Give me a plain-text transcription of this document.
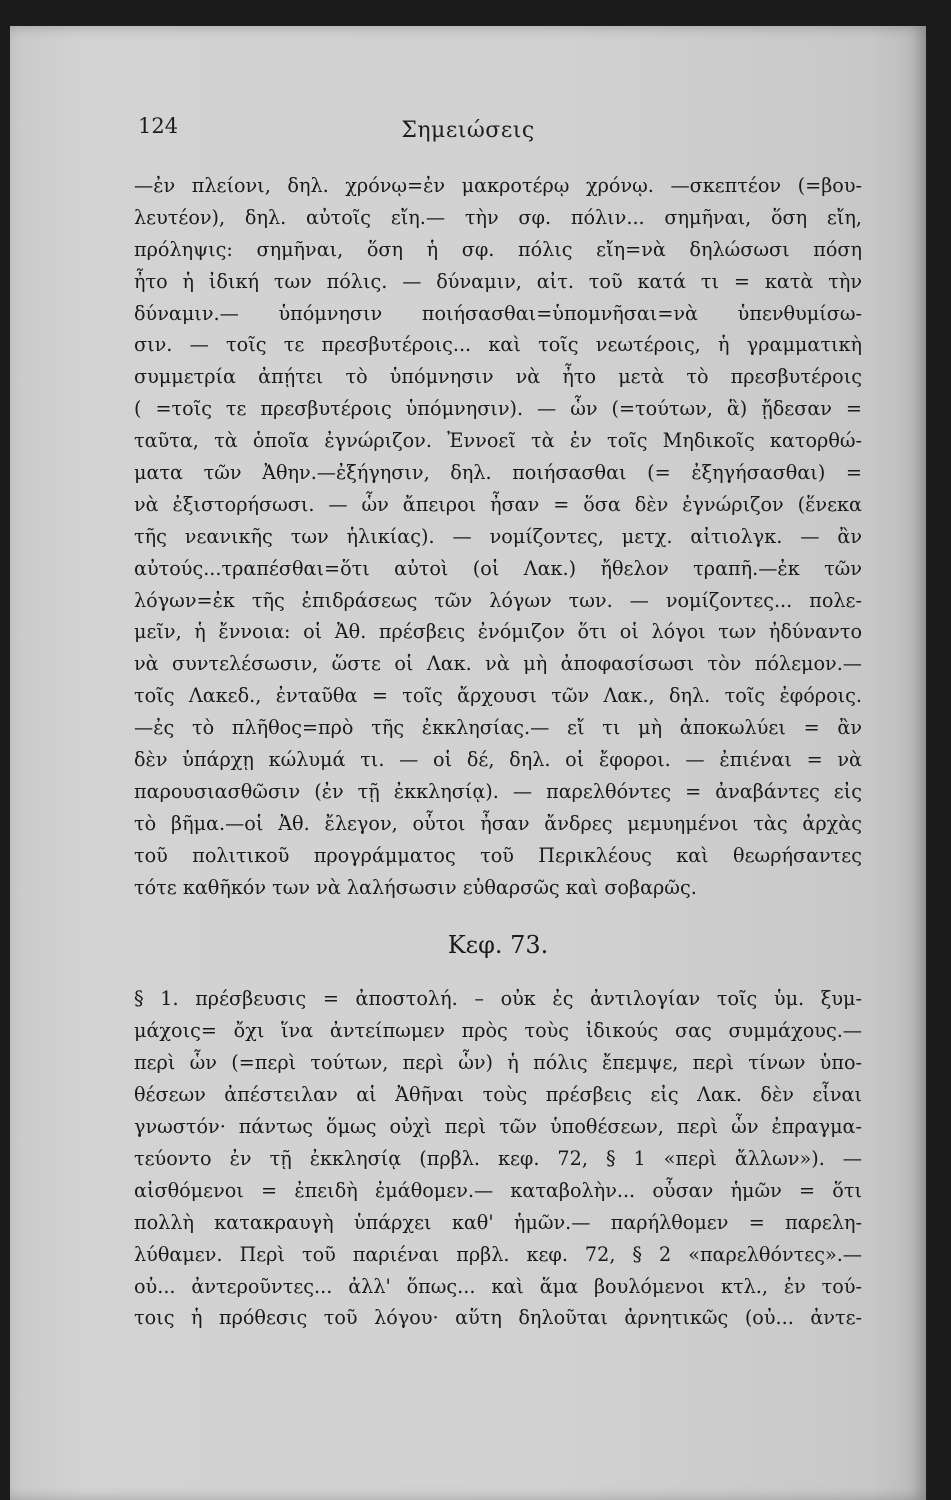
124	Σημειώσεις
—ἐν πλείονι, δηλ. χρόνῳ=ἐν μακροτέρῳ χρόνῳ. —σκεπτέον (=βου-
λευτέον), δηλ. αὐτοῖς εἴη.— τὴν σφ. πόλιν... σημῆναι, ὅση εἴη,
πρόληψις: σημῆναι, ὅση ἡ σφ. πόλις εἴη=νὰ δηλώσωσι πόση
ἦτο ἡ ἰδική των πόλις. — δύναμιν, αἰτ. τοῦ κατά τι = κατὰ τὴν
δύναμιν.— ὑπόμνησιν ποιήσασθαι=ὑπομνῆσαι=νὰ ὑπενθυμίσω-
σιν. — τοῖς τε πρεσβυτέροις... καὶ τοῖς νεωτέροις, ἡ γραμματικὴ
συμμετρία ἀπῄτει τὸ ὑπόμνησιν νὰ ἦτο μετὰ τὸ πρεσβυτέροις
( =τοῖς τε πρεσβυτέροις ὑπόμνησιν). — ὧν (=τούτων, ἃ) ᾔδεσαν =
ταῦτα, τὰ ὁποῖα ἐγνώριζον. Ἐννοεῖ τὰ ἐν τοῖς Μηδικοῖς κατορθώ-
ματα τῶν Ἀθην.—ἐξήγησιν, δηλ. ποιήσασθαι (= ἐξηγήσασθαι) =
νὰ ἐξιστορήσωσι. — ὧν ἄπειροι ἦσαν = ὅσα δὲν ἐγνώριζον (ἕνεκα
τῆς νεανικῆς των ἡλικίας). — νομίζοντες, μετχ. αἰτιολγκ. — ἂν
αὐτούς...τραπέσθαι=ὅτι αὐτοὶ (οἱ Λακ.) ἤθελον τραπῆ.—ἐκ τῶν
λόγων=ἐκ τῆς ἐπιδράσεως τῶν λόγων των. — νομίζοντες... πολε-
μεῖν, ἡ ἔννοια: οἱ Ἀθ. πρέσβεις ἐνόμιζον ὅτι οἱ λόγοι των ἠδύναντο
νὰ συντελέσωσιν, ὥστε οἱ Λακ. νὰ μὴ ἀποφασίσωσι τὸν πόλεμον.—
τοῖς Λακεδ., ἐνταῦθα = τοῖς ἄρχουσι τῶν Λακ., δηλ. τοῖς ἐφόροις.
—ἐς τὸ πλῆθος=πρὸ τῆς ἐκκλησίας.— εἴ τι μὴ ἀποκωλύει = ἂν
δὲν ὑπάρχῃ κώλυμά τι. — οἱ δέ, δηλ. οἱ ἔφοροι. — ἐπιέναι = νὰ
παρουσιασθῶσιν (ἐν τῇ ἐκκλησίᾳ). — παρελθόντες = ἀναβάντες εἰς
τὸ βῆμα.—οἱ Ἀθ. ἔλεγον, οὗτοι ἦσαν ἄνδρες μεμυημένοι τὰς ἀρχὰς
τοῦ πολιτικοῦ προγράμματος τοῦ Περικλέους καὶ θεωρήσαντες
τότε καθῆκόν των νὰ λαλήσωσιν εὐθαρσῶς καὶ σοβαρῶς.
Κεφ. 73.
§ 1. πρέσβευσις = ἀποστολή. – οὐκ ἐς ἀντιλογίαν τοῖς ὑμ. ξυμ-
μάχοις= ὄχι ἵνα ἀντείπωμεν πρὸς τοὺς ἰδικούς σας συμμάχους.—
περὶ ὧν (=περὶ τούτων, περὶ ὧν) ἡ πόλις ἔπεμψε, περὶ τίνων ὑπο-
θέσεων ἀπέστειλαν αἱ Ἀθῆναι τοὺς πρέσβεις εἰς Λακ. δὲν εἶναι
γνωστόν· πάντως ὅμως οὐχὶ περὶ τῶν ὑποθέσεων, περὶ ὧν ἐπραγμα-
τεύοντο ἐν τῇ ἐκκλησίᾳ (πρβλ. κεφ. 72, § 1 «περὶ ἄλλων»). —
αἰσθόμενοι = ἐπειδὴ ἐμάθομεν.— καταβολὴν... οὖσαν ἡμῶν = ὅτι
πολλὴ κατακραυγὴ ὑπάρχει καθ' ἡμῶν.— παρήλθομεν = παρελη-
λύθαμεν. Περὶ τοῦ παριέναι πρβλ. κεφ. 72, § 2 «παρελθόντες».—
οὐ... ἀντεροῦντες... ἀλλ' ὅπως... καὶ ἅμα βουλόμενοι κτλ., ἐν τού-
τοις ἡ πρόθεσις τοῦ λόγου· αὕτη δηλοῦται ἀρνητικῶς (οὐ... ἀντε-
